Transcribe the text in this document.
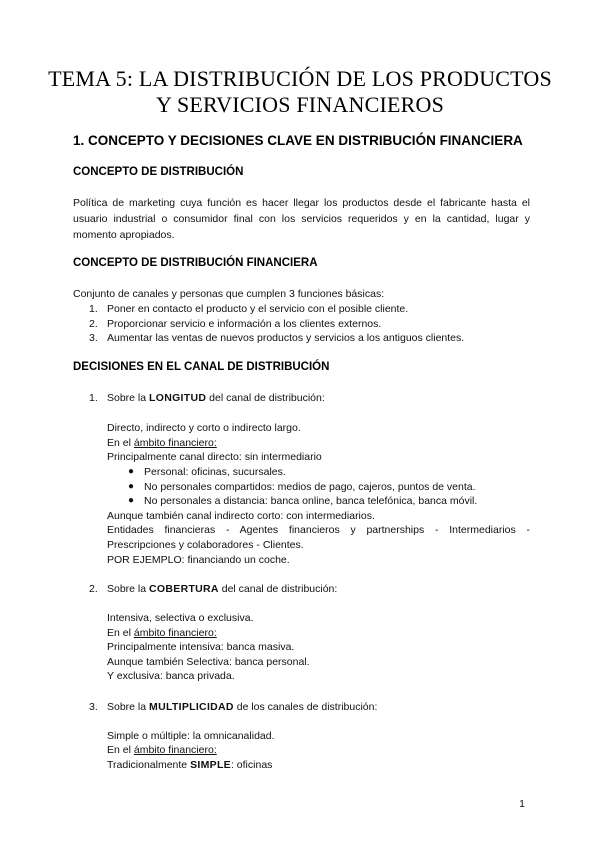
TEMA 5: LA DISTRIBUCIÓN DE LOS PRODUCTOS
Y SERVICIOS FINANCIEROS
1. CONCEPTO Y DECISIONES CLAVE EN DISTRIBUCIÓN FINANCIERA
CONCEPTO DE DISTRIBUCIÓN
Política de marketing cuya función es hacer llegar los productos desde el fabricante hasta el usuario industrial o consumidor final con los servicios requeridos y en la cantidad, lugar y momento apropiados.
CONCEPTO DE DISTRIBUCIÓN FINANCIERA
Conjunto de canales y personas que cumplen 3 funciones básicas:
1. Poner en contacto el producto y el servicio con el posible cliente.
2. Proporcionar servicio e información a los clientes externos.
3. Aumentar las ventas de nuevos productos y servicios a los antiguos clientes.
DECISIONES EN EL CANAL DE DISTRIBUCIÓN
1. Sobre la LONGITUD del canal de distribución:
Directo, indirecto y corto o indirecto largo.
En el ámbito financiero:
Principalmente canal directo: sin intermediario
● Personal: oficinas, sucursales.
● No personales compartidos: medios de pago, cajeros, puntos de venta.
● No personales a distancia: banca online, banca telefónica, banca móvil.
Aunque también canal indirecto corto: con intermediarios.
Entidades financieras - Agentes financieros y partnerships - Intermediarios -
Prescripciones y colaboradores - Clientes.
POR EJEMPLO: financiando un coche.
2. Sobre la COBERTURA del canal de distribución:
Intensiva, selectiva o exclusiva.
En el ámbito financiero:
Principalmente intensiva: banca masiva.
Aunque también Selectiva: banca personal.
Y exclusiva: banca privada.
3. Sobre la MULTIPLICIDAD de los canales de distribución:
Simple o múltiple: la omnicanalidad.
En el ámbito financiero:
Tradicionalmente SIMPLE: oficinas
1
